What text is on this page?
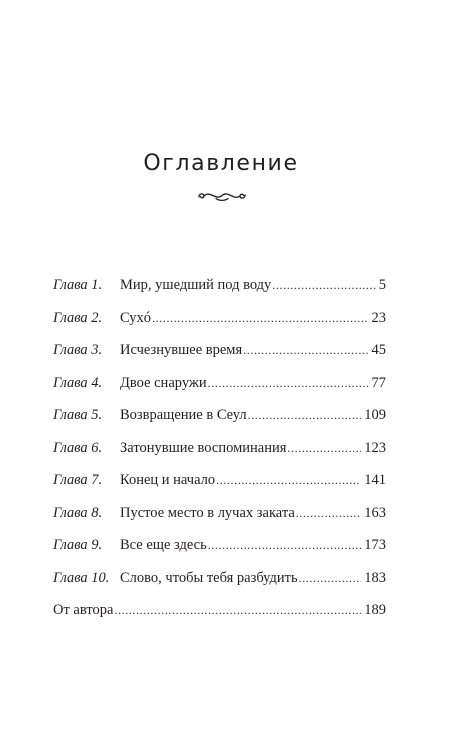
Оглавление
Глава 1.	Мир, ушедший под воду .....	5
Глава 2.	Сухó .....	23
Глава 3.	Исчезнувшее время .....	45
Глава 4.	Двое снаружи .....	77
Глава 5.	Возвращение в Сеул .....	109
Глава 6.	Затонувшие воспоминания .....	123
Глава 7.	Конец и начало .....	141
Глава 8.	Пустое место в лучах заката .....	163
Глава 9.	Все еще здесь .....	173
Глава 10. Слово, чтобы тебя разбудить .....	183
От автора .....	189
